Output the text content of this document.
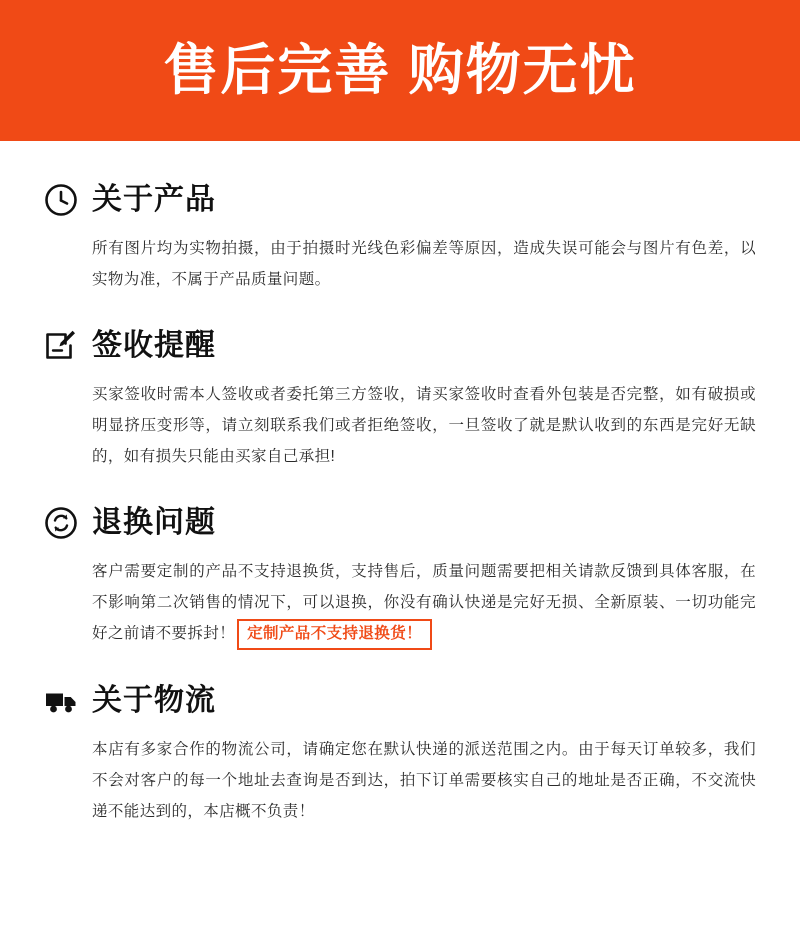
售后完善 购物无忧
关于产品

所有图片均为实物拍摄，由于拍摄时光线色彩偏差等原因，造成失误可能会与图片有色差，以实物为准，不属于产品质量问题。

签收提醒

买家签收时需本人签收或者委托第三方签收，请买家签收时查看外包装是否完整，如有破损或明显挤压变形等，请立刻联系我们或者拒绝签收，一旦签收了就是默认收到的东西是完好无缺的，如有损失只能由买家自己承担!

退换问题

客户需要定制的产品不支持退换货，支持售后，质量问题需要把相关请款反馈到具体客服，在不影响第二次销售的情况下，可以退换，你没有确认快递是完好无损、全新原装、一切功能完好之前请不要拆封！ 定制产品不支持退换货！

关于物流

本店有多家合作的物流公司，请确定您在默认快递的派送范围之内。由于每天订单较多，我们不会对客户的每一个地址去查询是否到达，拍下订单需要核实自己的地址是否正确，不交流快递不能达到的，本店概不负责！
